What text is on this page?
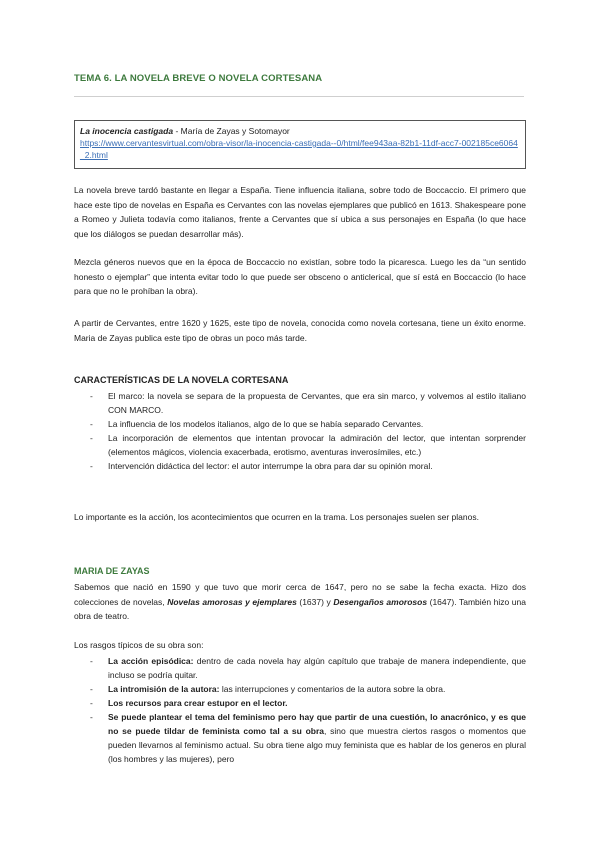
TEMA 6. LA NOVELA BREVE O NOVELA CORTESANA
La inocencia castigada - María de Zayas y Sotomayor
https://www.cervantesvirtual.com/obra-visor/la-inocencia-castigada--0/html/fee943aa-82b1-11df-acc7-002185ce6064_2.html

La novela breve tardó bastante en llegar a España. Tiene influencia italiana, sobre todo de Boccaccio. El primero que hace este tipo de novelas en España es Cervantes con las novelas ejemplares que publicó en 1613. Shakespeare pone a Romeo y Julieta todavía como italianos, frente a Cervantes que sí ubica a sus personajes en España (lo que hace que los diálogos se puedan desarrollar más).

Mezcla géneros nuevos que en la época de Boccaccio no existían, sobre todo la picaresca. Luego les da “un sentido honesto o ejemplar” que intenta evitar todo lo que puede ser obsceno o anticlerical, que sí está en Boccaccio (lo hace para que no le prohíban la obra).

A partir de Cervantes, entre 1620 y 1625, este tipo de novela, conocida como novela cortesana, tiene un éxito enorme. Maria de Zayas publica este tipo de obras un poco más tarde.

CARACTERÍSTICAS DE LA NOVELA CORTESANA
- El marco: la novela se separa de la propuesta de Cervantes, que era sin marco, y volvemos al estilo italiano CON MARCO.
- La influencia de los modelos italianos, algo de lo que se había separado Cervantes.
- La incorporación de elementos que intentan provocar la admiración del lector, que intentan sorprender (elementos mágicos, violencia exacerbada, erotismo, aventuras inverosímiles, etc.)
- Intervención didáctica del lector: el autor interrumpe la obra para dar su opinión moral.

Lo importante es la acción, los acontecimientos que ocurren en la trama. Los personajes suelen ser planos.

MARIA DE ZAYAS

Sabemos que nació en 1590 y que tuvo que morir cerca de 1647, pero no se sabe la fecha exacta. Hizo dos colecciones de novelas, Novelas amorosas y ejemplares (1637) y Desengaños amorosos (1647). También hizo una obra de teatro.

Los rasgos típicos de su obra son:

- La acción episódica: dentro de cada novela hay algún capítulo que trabaje de manera independiente, que incluso se podría quitar.
- La intromisión de la autora: las interrupciones y comentarios de la autora sobre la obra.
- Los recursos para crear estupor en el lector.
- Se puede plantear el tema del feminismo pero hay que partir de una cuestión, lo anacrónico, y es que no se puede tildar de feminista como tal a su obra, sino que muestra ciertos rasgos o momentos que pueden llevarnos al feminismo actual. Su obra tiene algo muy feminista que es hablar de los generos en plural (los hombres y las mujeres), pero
